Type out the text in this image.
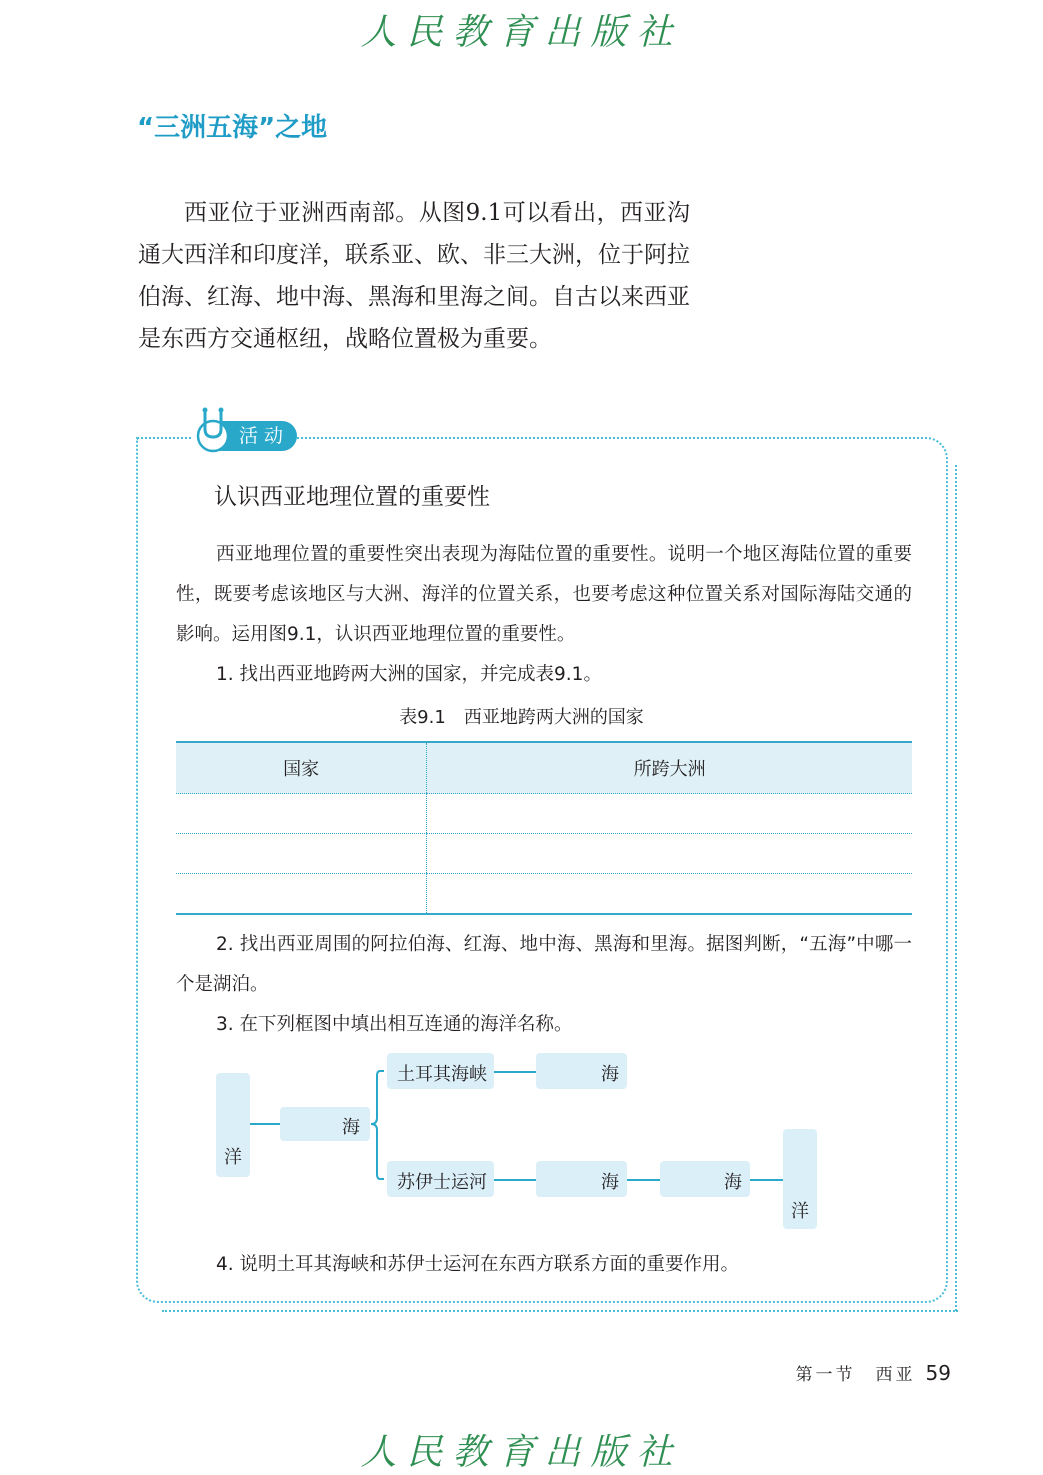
人民教育出版社
“三洲五海”之地

西亚位于亚洲西南部。从图9.1可以看出，西亚沟通大西洋和印度洋，联系亚、欧、非三大洲，位于阿拉伯海、红海、地中海、黑海和里海之间。自古以来西亚是东西方交通枢纽，战略位置极为重要。

活动
认识西亚地理位置的重要性

西亚地理位置的重要性突出表现为海陆位置的重要性。说明一个地区海陆位置的重要性，既要考虑该地区与大洲、海洋的位置关系，也要考虑这种位置关系对国际海陆交通的影响。运用图9.1，认识西亚地理位置的重要性。

1. 找出西亚地跨两大洲的国家，并完成表9.1。

表9.1　西亚地跨两大洲的国家
国家	所跨大洲

2. 找出西亚周围的阿拉伯海、红海、地中海、黑海和里海。据图判断，“五海”中哪一个是湖泊。

3. 在下列框图中填出相互连通的海洋名称。

洋
海
土耳其海峡	海
苏伊士运河	海	海
洋

4. 说明土耳其海峡和苏伊士运河在东西方联系方面的重要作用。

第一节　西亚 59
人民教育出版社
